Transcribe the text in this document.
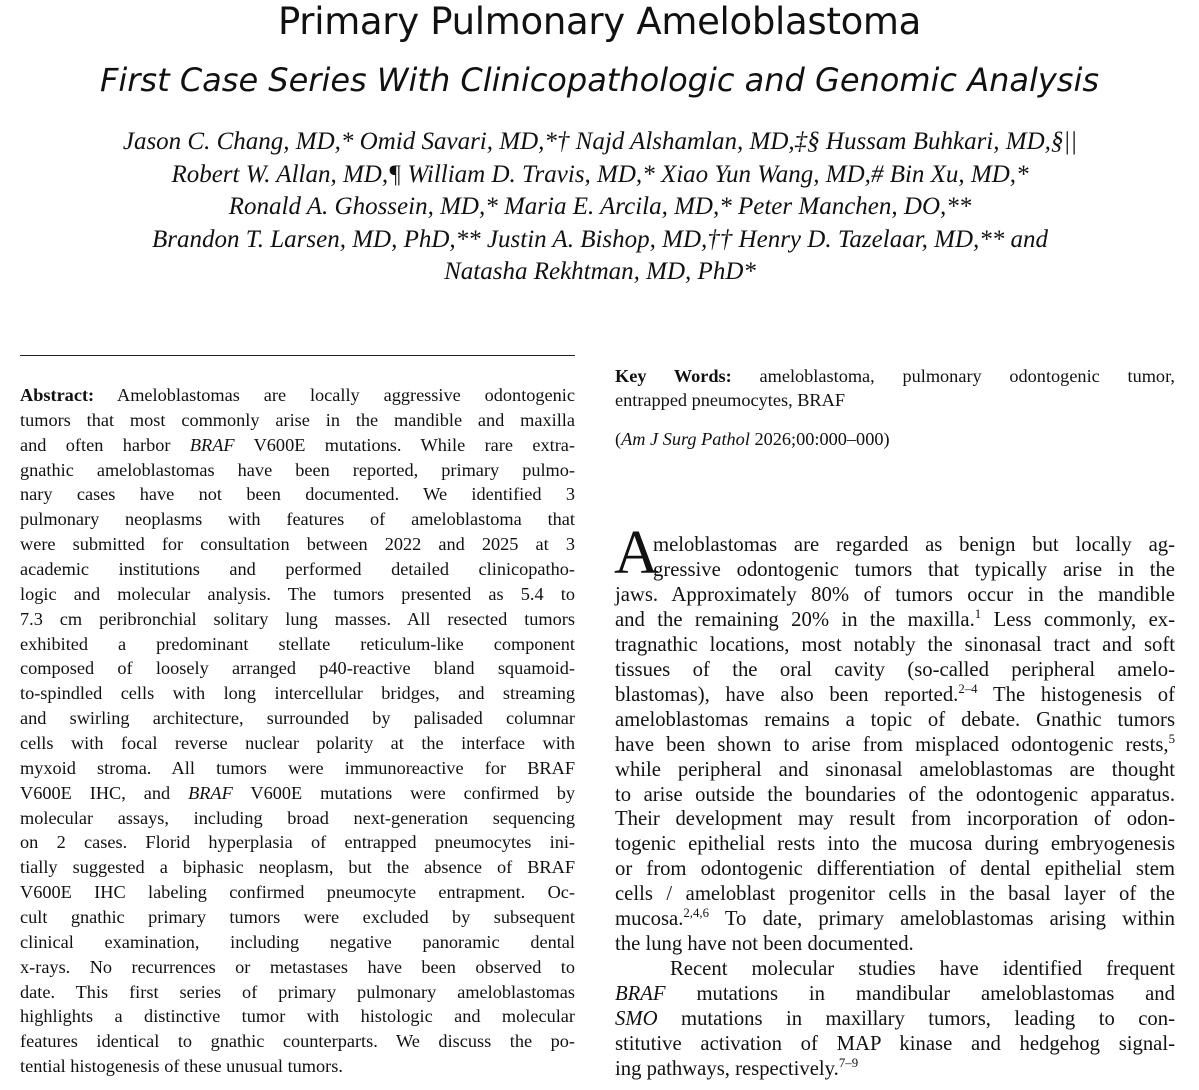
Primary Pulmonary Ameloblastoma
First Case Series With Clinicopathologic and Genomic Analysis
Jason C. Chang, MD,* Omid Savari, MD,*† Najd Alshamlan, MD,‡§ Hussam Buhkari, MD,§||
Robert W. Allan, MD,¶ William D. Travis, MD,* Xiao Yun Wang, MD,# Bin Xu, MD,*
Ronald A. Ghossein, MD,* Maria E. Arcila, MD,* Peter Manchen, DO,**
Brandon T. Larsen, MD, PhD,** Justin A. Bishop, MD,†† Henry D. Tazelaar, MD,** and
Natasha Rekhtman, MD, PhD*
Abstract: Ameloblastomas are locally aggressive odontogenic
tumors that most commonly arise in the mandible and maxilla
and often harbor BRAF V600E mutations. While rare extra-
gnathic ameloblastomas have been reported, primary pulmo-
nary cases have not been documented. We identified 3
pulmonary neoplasms with features of ameloblastoma that
were submitted for consultation between 2022 and 2025 at 3
academic institutions and performed detailed clinicopatho-
logic and molecular analysis. The tumors presented as 5.4 to
7.3 cm peribronchial solitary lung masses. All resected tumors
exhibited a predominant stellate reticulum-like component
composed of loosely arranged p40-reactive bland squamoid-
to-spindled cells with long intercellular bridges, and streaming
and swirling architecture, surrounded by palisaded columnar
cells with focal reverse nuclear polarity at the interface with
myxoid stroma. All tumors were immunoreactive for BRAF
V600E IHC, and BRAF V600E mutations were confirmed by
molecular assays, including broad next-generation sequencing
on 2 cases. Florid hyperplasia of entrapped pneumocytes ini-
tially suggested a biphasic neoplasm, but the absence of BRAF
V600E IHC labeling confirmed pneumocyte entrapment. Oc-
cult gnathic primary tumors were excluded by subsequent
clinical examination, including negative panoramic dental
x-rays. No recurrences or metastases have been observed to
date. This first series of primary pulmonary ameloblastomas
highlights a distinctive tumor with histologic and molecular
features identical to gnathic counterparts. We discuss the po-
tential histogenesis of these unusual tumors.
Key Words: ameloblastoma, pulmonary odontogenic tumor,
entrapped pneumocytes, BRAF
(Am J Surg Pathol 2026;00:000–000)
A
meloblastomas are regarded as benign but locally ag-
gressive odontogenic tumors that typically arise in the
jaws. Approximately 80% of tumors occur in the mandible
and the remaining 20% in the maxilla.$^1$ Less commonly, ex-
tragnathic locations, most notably the sinonasal tract and soft
tissues of the oral cavity (so-called peripheral amelo-
blastomas), have also been reported.$^{2-4}$ The histogenesis of
ameloblastomas remains a topic of debate. Gnathic tumors
have been shown to arise from misplaced odontogenic rests,$^5$
while peripheral and sinonasal ameloblastomas are thought
to arise outside the boundaries of the odontogenic apparatus.
Their development may result from incorporation of odon-
togenic epithelial rests into the mucosa during embryogenesis
or from odontogenic differentiation of dental epithelial stem
cells / ameloblast progenitor cells in the basal layer of the
mucosa.$^{2,4,6}$ To date, primary ameloblastomas arising within
the lung have not been documented.
Recent molecular studies have identified frequent
BRAF mutations in mandibular ameloblastomas and
SMO mutations in maxillary tumors, leading to con-
stitutive activation of MAP kinase and hedgehog signal-
ing pathways, respectively.$^{7-9}$
